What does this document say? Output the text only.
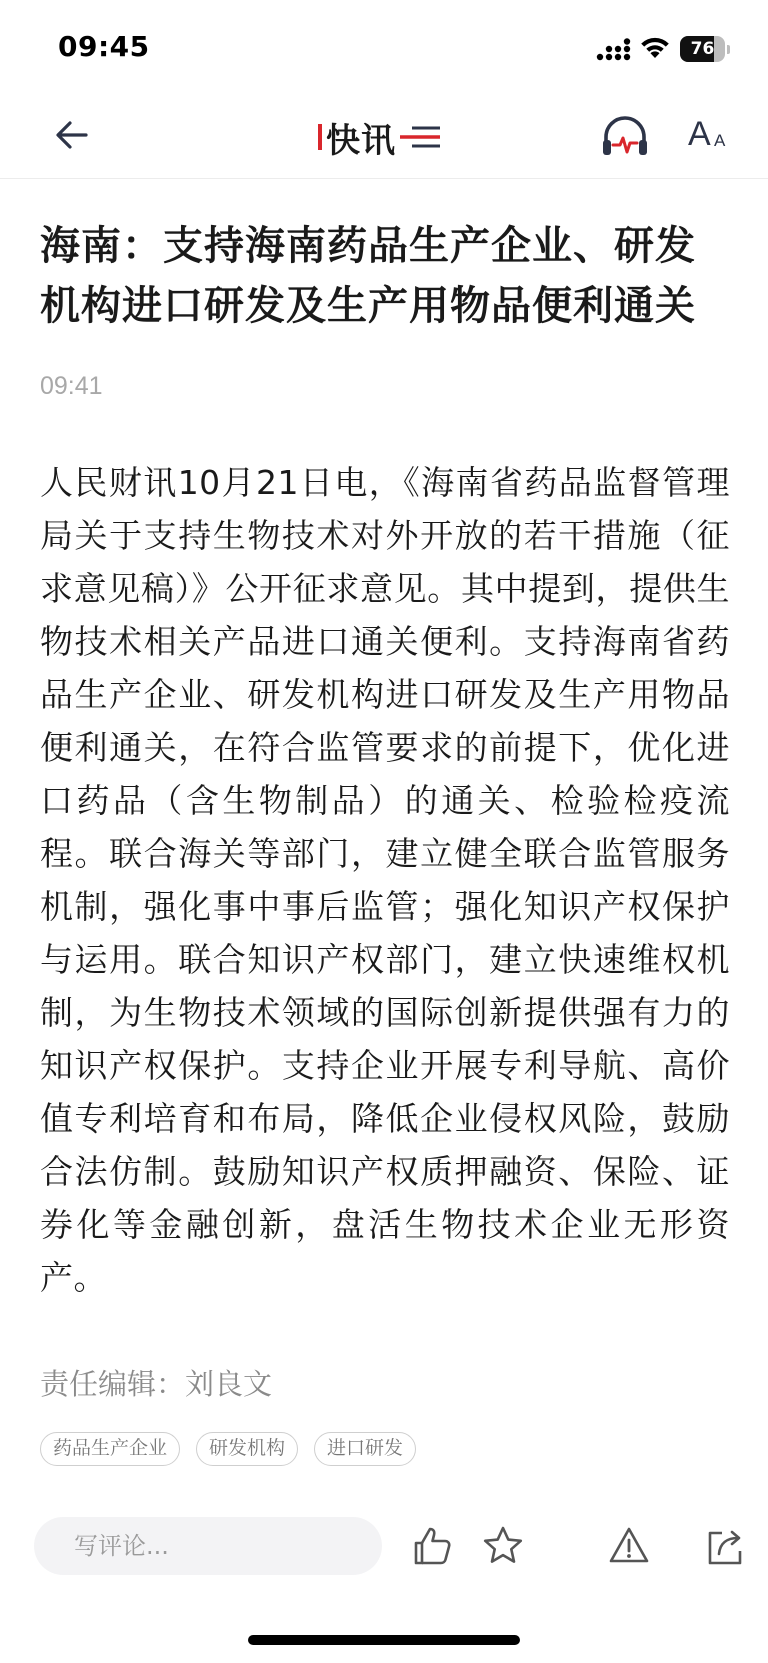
09:45	76
快讯	A A
海南：支持海南药品生产企业、研发机构进口研发及生产用物品便利通关
09:41

人民财讯10月21日电，《海南省药品监督管理局关于支持生物技术对外开放的若干措施（征求意见稿）》公开征求意见。其中提到，提供生物技术相关产品进口通关便利。支持海南省药品生产企业、研发机构进口研发及生产用物品便利通关，在符合监管要求的前提下，优化进口药品（含生物制品）的通关、检验检疫流程。联合海关等部门，建立健全联合监管服务机制，强化事中事后监管；强化知识产权保护与运用。联合知识产权部门，建立快速维权机制，为生物技术领域的国际创新提供强有力的知识产权保护。支持企业开展专利导航、高价值专利培育和布局，降低企业侵权风险，鼓励合法仿制。鼓励知识产权质押融资、保险、证券化等金融创新，盘活生物技术企业无形资产。

责任编辑：刘良文
药品生产企业	研发机构	进口研发
写评论...
